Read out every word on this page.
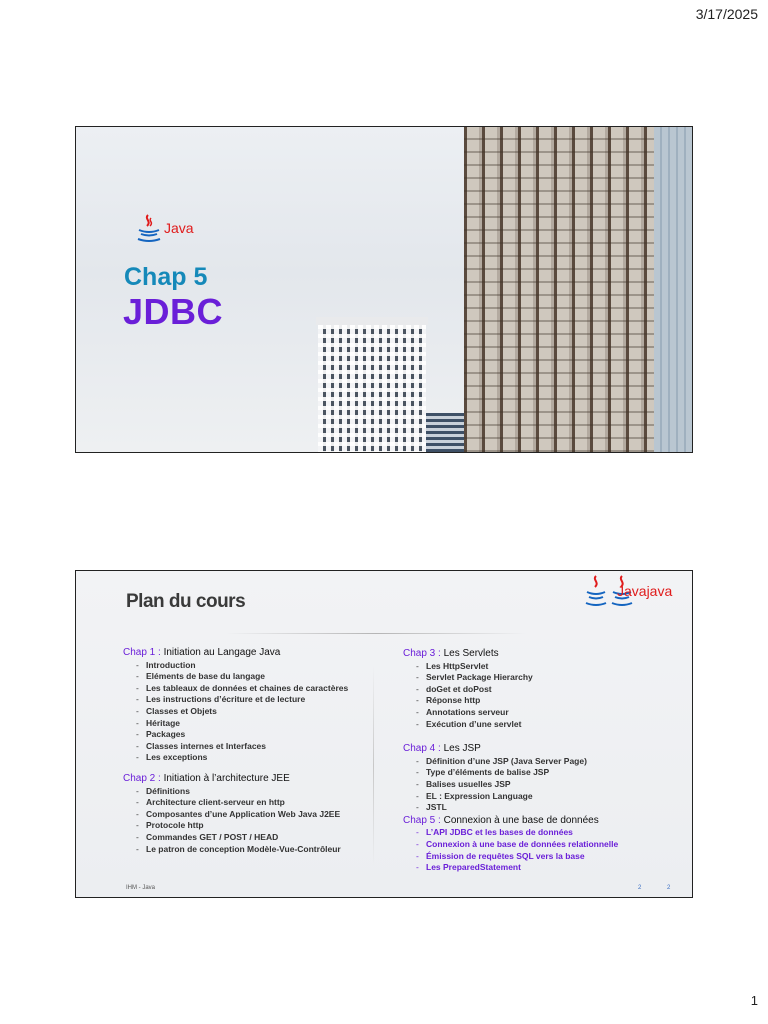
3/17/2025
Java
Chap 5
JDBC
Plan du cours	Javajava
Chap 1 : Initiation au Langage Java
- Introduction
- Eléments de base du langage
- Les tableaux de données et chaines de caractères
- Les instructions d’écriture et de lecture
- Classes et Objets
- Héritage
- Packages
- Classes internes et Interfaces
- Les exceptions
Chap 2 : Initiation à l’architecture JEE
- Définitions
- Architecture client-serveur en http
- Composantes d’une Application Web Java J2EE
- Protocole http
- Commandes GET / POST / HEAD
- Le patron de conception Modèle-Vue-Contrôleur
Chap 3 : Les Servlets
- Les HttpServlet
- Servlet Package Hierarchy
- doGet et doPost
- Réponse http
- Annotations serveur
- Exécution d’une servlet
Chap 4 : Les JSP
- Définition d’une JSP (Java Server Page)
- Type d’éléments de balise JSP
- Balises usuelles JSP
- EL : Expression Language
- JSTL
Chap 5 : Connexion à une base de données
- L’API JDBC et les bases de données
- Connexion à une base de données relationnelle
- Émission de requêtes SQL vers la base
- Les PreparedStatement
IHM - Java	2	2
1
